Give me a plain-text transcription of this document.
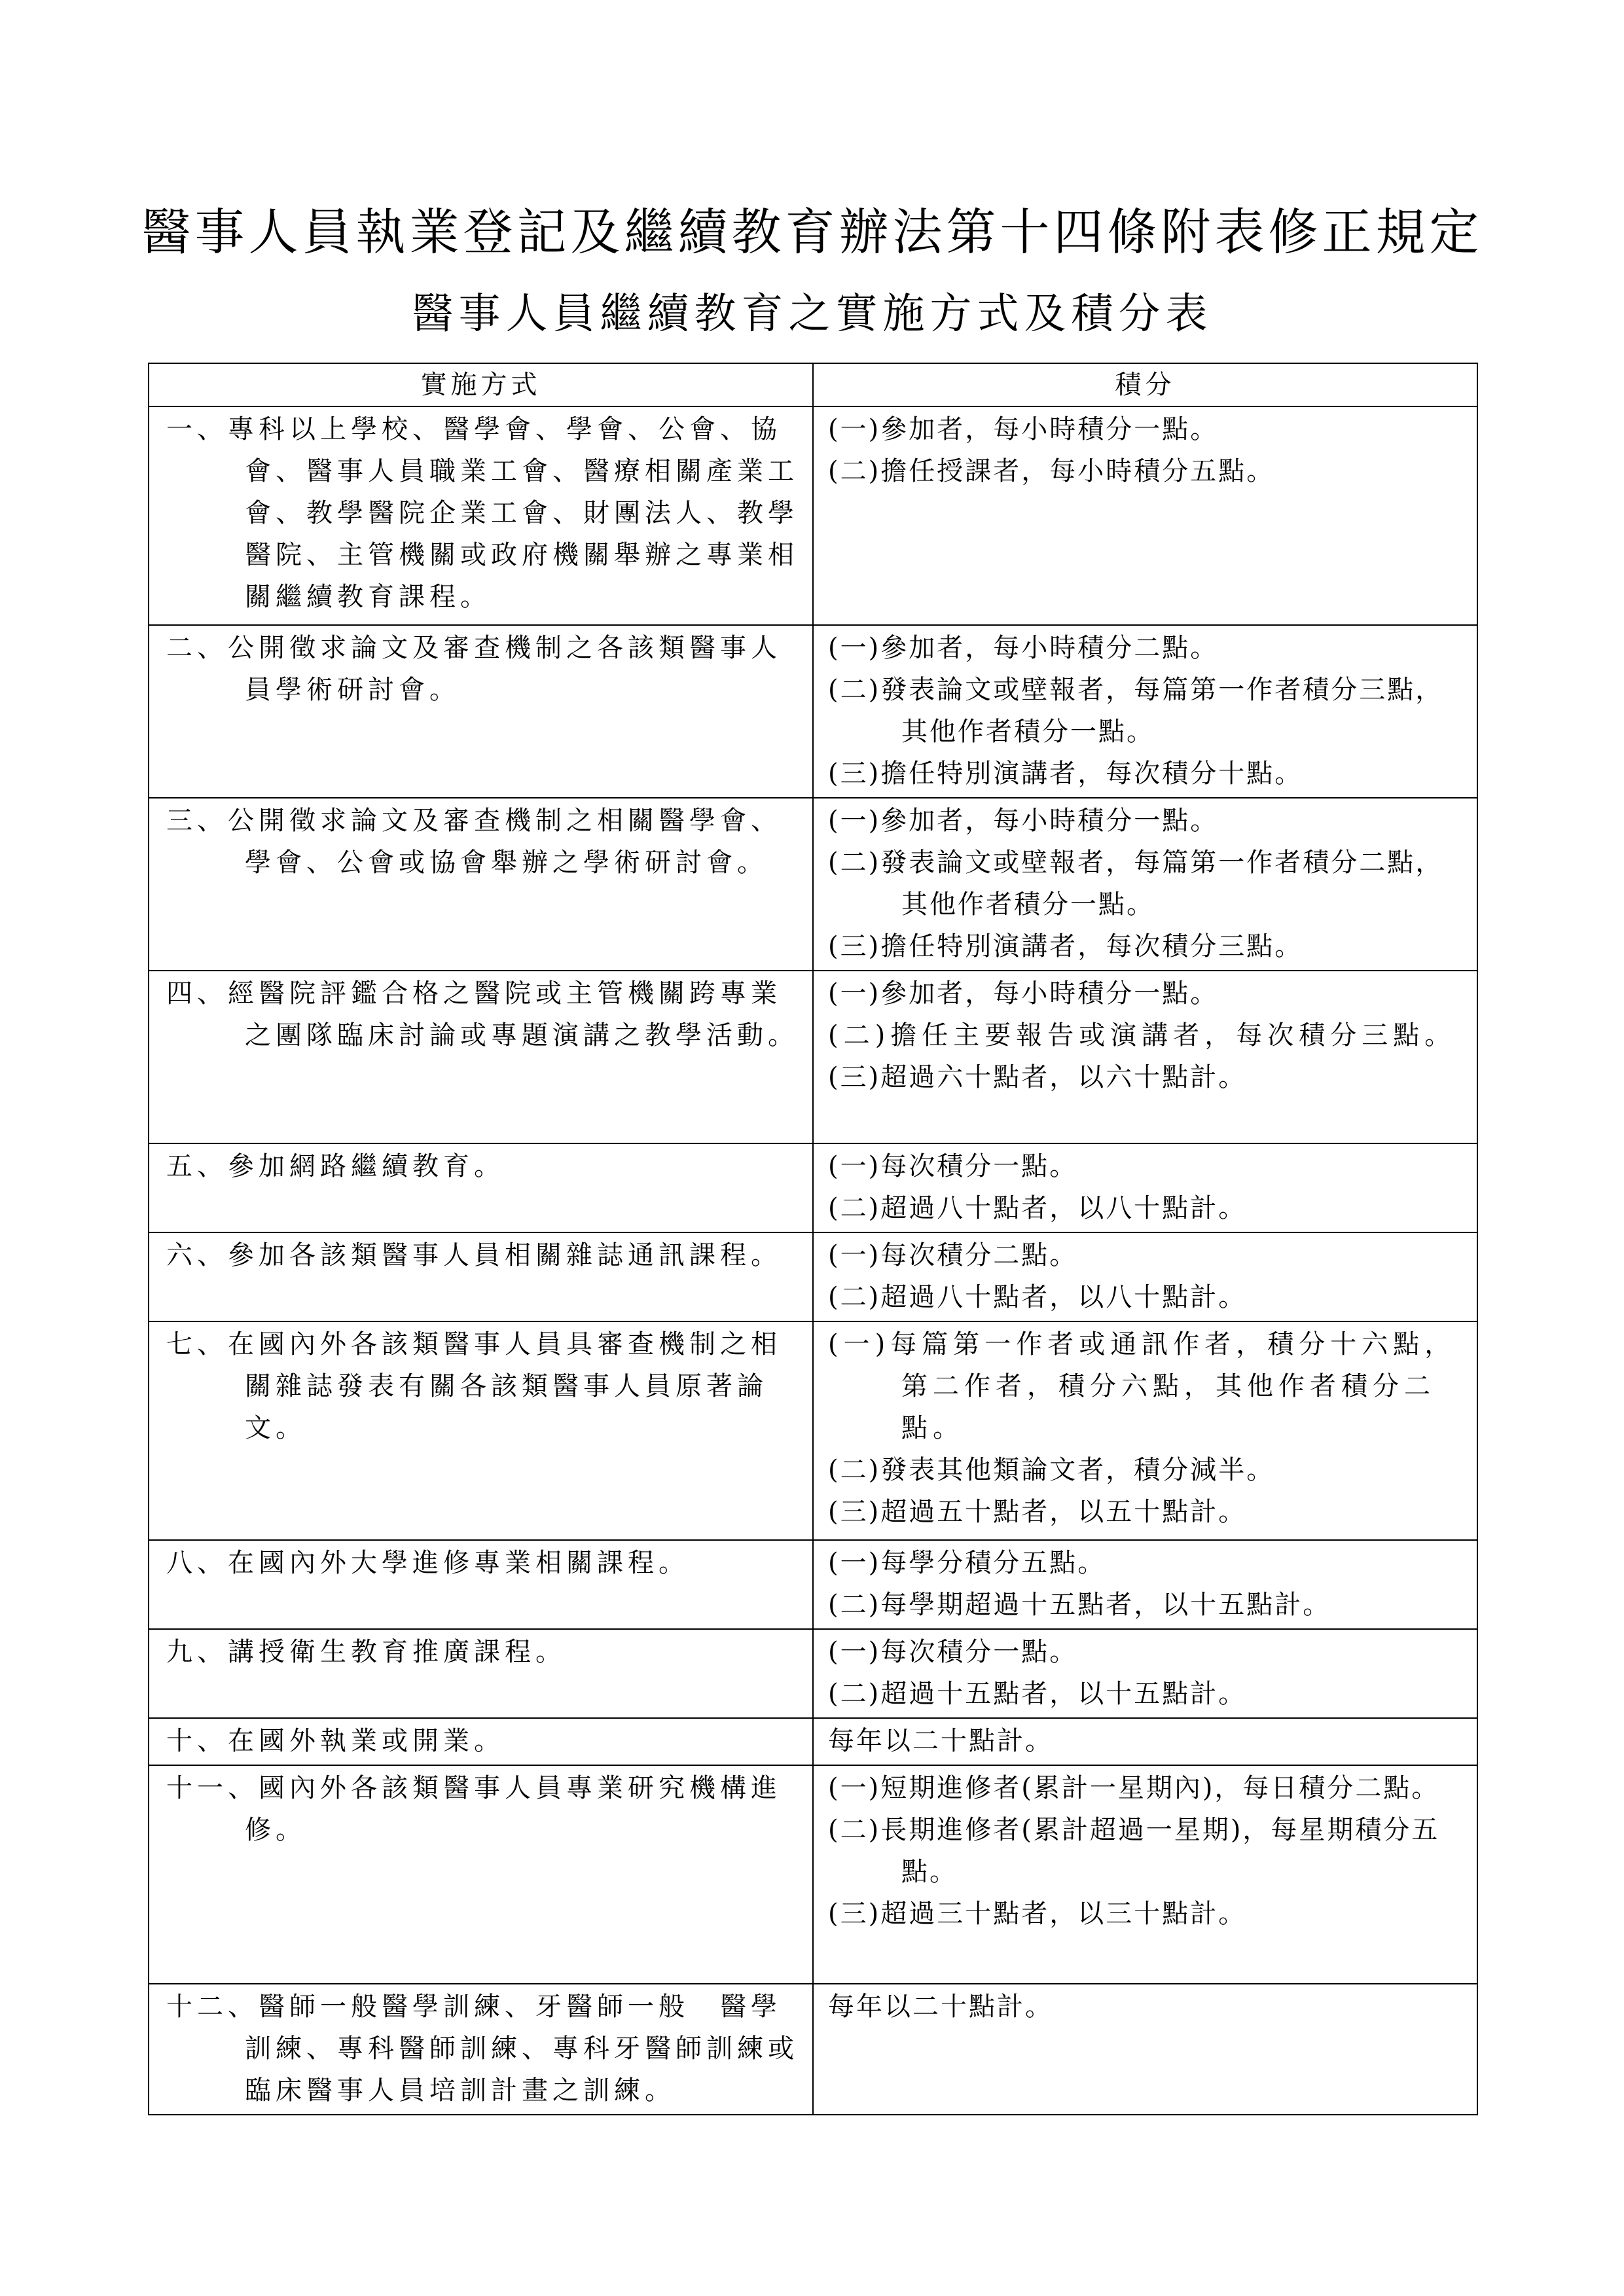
醫事人員執業登記及繼續教育辦法第十四條附表修正規定
醫事人員繼續教育之實施方式及積分表
實施方式	積分

一、專科以上學校、醫學會、學會、公會、協會、醫事人員職業工會、醫療相關產業工會、教學醫院企業工會、財團法人、教學醫院、主管機關或政府機關舉辦之專業相關繼續教育課程。	(一)參加者，每小時積分一點。
(二)擔任授課者，每小時積分五點。

二、公開徵求論文及審查機制之各該類醫事人員學術研討會。	(一)參加者，每小時積分二點。
(二)發表論文或壁報者，每篇第一作者積分三點，其他作者積分一點。
(三)擔任特別演講者，每次積分十點。

三、公開徵求論文及審查機制之相關醫學會、學會、公會或協會舉辦之學術研討會。	(一)參加者，每小時積分一點。
(二)發表論文或壁報者，每篇第一作者積分二點，其他作者積分一點。
(三)擔任特別演講者，每次積分三點。

四、經醫院評鑑合格之醫院或主管機關跨專業之團隊臨床討論或專題演講之教學活動。	(一)參加者，每小時積分一點。
(二)擔任主要報告或演講者，每次積分三點。
(三)超過六十點者，以六十點計。

五、參加網路繼續教育。	(一)每次積分一點。
(二)超過八十點者，以八十點計。

六、參加各該類醫事人員相關雜誌通訊課程。	(一)每次積分二點。
(二)超過八十點者，以八十點計。

七、在國內外各該類醫事人員具審查機制之相關雜誌發表有關各該類醫事人員原著論文。	(一)每篇第一作者或通訊作者，積分十六點，第二作者，積分六點，其他作者積分二點。
(二)發表其他類論文者，積分減半。
(三)超過五十點者，以五十點計。

八、在國內外大學進修專業相關課程。	(一)每學分積分五點。
(二)每學期超過十五點者，以十五點計。

九、講授衛生教育推廣課程。	(一)每次積分一點。
(二)超過十五點者，以十五點計。

十、在國外執業或開業。	每年以二十點計。

十一、國內外各該類醫事人員專業研究機構進修。	(一)短期進修者(累計一星期內)，每日積分二點。
(二)長期進修者(累計超過一星期)，每星期積分五點。
(三)超過三十點者，以三十點計。

十二、醫師一般醫學訓練、牙醫師一般　醫學訓練、專科醫師訓練、專科牙醫師訓練或臨床醫事人員培訓計畫之訓練。	每年以二十點計。
